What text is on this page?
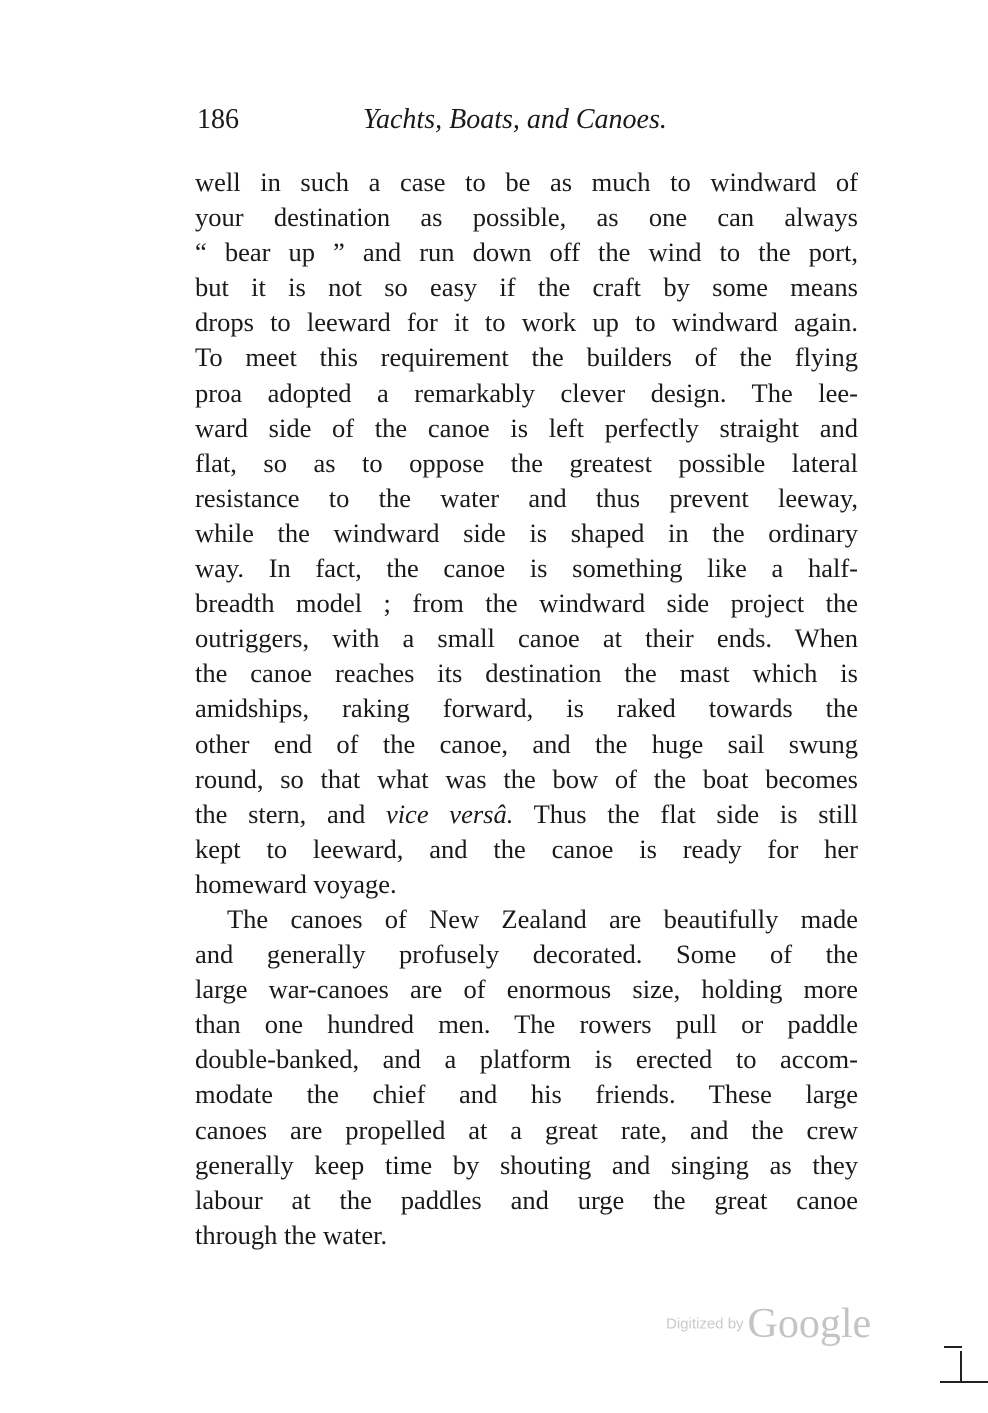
186	Yachts, Boats, and Canoes.
well in such a case to be as much to windward of
your destination as possible, as one can always
“ bear up ” and run down off the wind to the port,
but it is not so easy if the craft by some means
drops to leeward for it to work up to windward again.
To meet this requirement the builders of the flying
proa adopted a remarkably clever design. The lee-
ward side of the canoe is left perfectly straight and
flat, so as to oppose the greatest possible lateral
resistance to the water and thus prevent leeway,
while the windward side is shaped in the ordinary
way. In fact, the canoe is something like a half-
breadth model ; from the windward side project the
outriggers, with a small canoe at their ends. When
the canoe reaches its destination the mast which is
amidships, raking forward, is raked towards the
other end of the canoe, and the huge sail swung
round, so that what was the bow of the boat becomes
the stern, and vice versâ. Thus the flat side is still
kept to leeward, and the canoe is ready for her
homeward voyage.
The canoes of New Zealand are beautifully made
and generally profusely decorated. Some of the
large war-canoes are of enormous size, holding more
than one hundred men. The rowers pull or paddle
double-banked, and a platform is erected to accom-
modate the chief and his friends. These large
canoes are propelled at a great rate, and the crew
generally keep time by shouting and singing as they
labour at the paddles and urge the great canoe
through the water.
Digitized by Google
